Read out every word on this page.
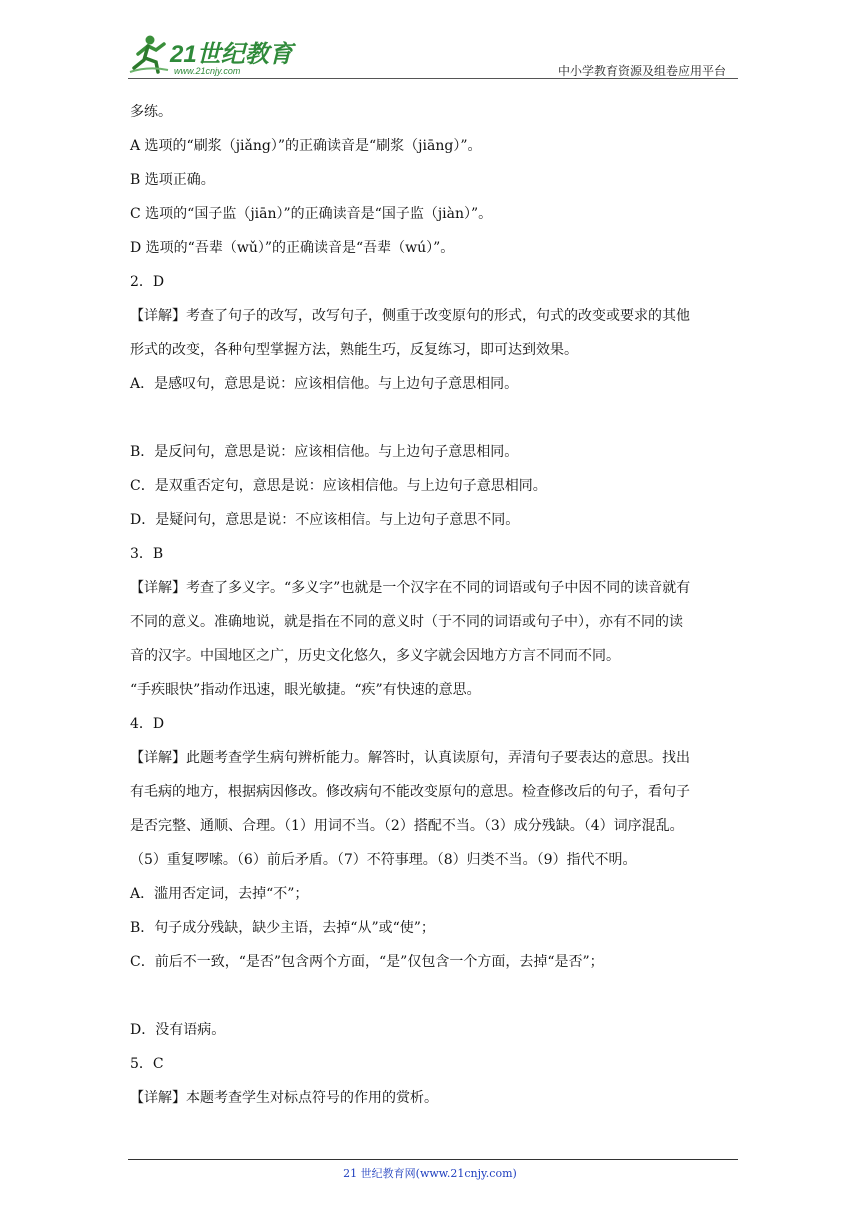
21世纪教育
www.21cnjy.com	中小学教育资源及组卷应用平台
多练。
A 选项的“刷浆（jiǎng）”的正确读音是“刷浆（jiāng）”。
B 选项正确。
C 选项的“国子监（jiān）”的正确读音是“国子监（jiàn）”。
D 选项的“吾辈（wǔ）”的正确读音是“吾辈（wú）”。
2．D
【详解】考查了句子的改写，改写句子，侧重于改变原句的形式，句式的改变或要求的其他
形式的改变，各种句型掌握方法，熟能生巧，反复练习，即可达到效果。
A．是感叹句，意思是说：应该相信他。与上边句子意思相同。
B．是反问句，意思是说：应该相信他。与上边句子意思相同。
C．是双重否定句，意思是说：应该相信他。与上边句子意思相同。
D．是疑问句，意思是说：不应该相信。与上边句子意思不同。
3．B
【详解】考查了多义字。“多义字”也就是一个汉字在不同的词语或句子中因不同的读音就有
不同的意义。准确地说，就是指在不同的意义时（于不同的词语或句子中），亦有不同的读
音的汉字。中国地区之广，历史文化悠久，多义字就会因地方方言不同而不同。
“手疾眼快”指动作迅速，眼光敏捷。“疾”有快速的意思。
4．D
【详解】此题考查学生病句辨析能力。解答时，认真读原句，弄清句子要表达的意思。找出
有毛病的地方，根据病因修改。修改病句不能改变原句的意思。检查修改后的句子，看句子
是否完整、通顺、合理。（1）用词不当。（2）搭配不当。（3）成分残缺。（4）词序混乱。
（5）重复啰嗦。（6）前后矛盾。（7）不符事理。（8）归类不当。（9）指代不明。
A．滥用否定词，去掉“不”；
B．句子成分残缺，缺少主语，去掉“从”或“使”；
C．前后不一致，“是否”包含两个方面，“是”仅包含一个方面，去掉“是否”；
D．没有语病。
5．C
【详解】本题考查学生对标点符号的作用的赏析。
21 世纪教育网(www.21cnjy.com)
